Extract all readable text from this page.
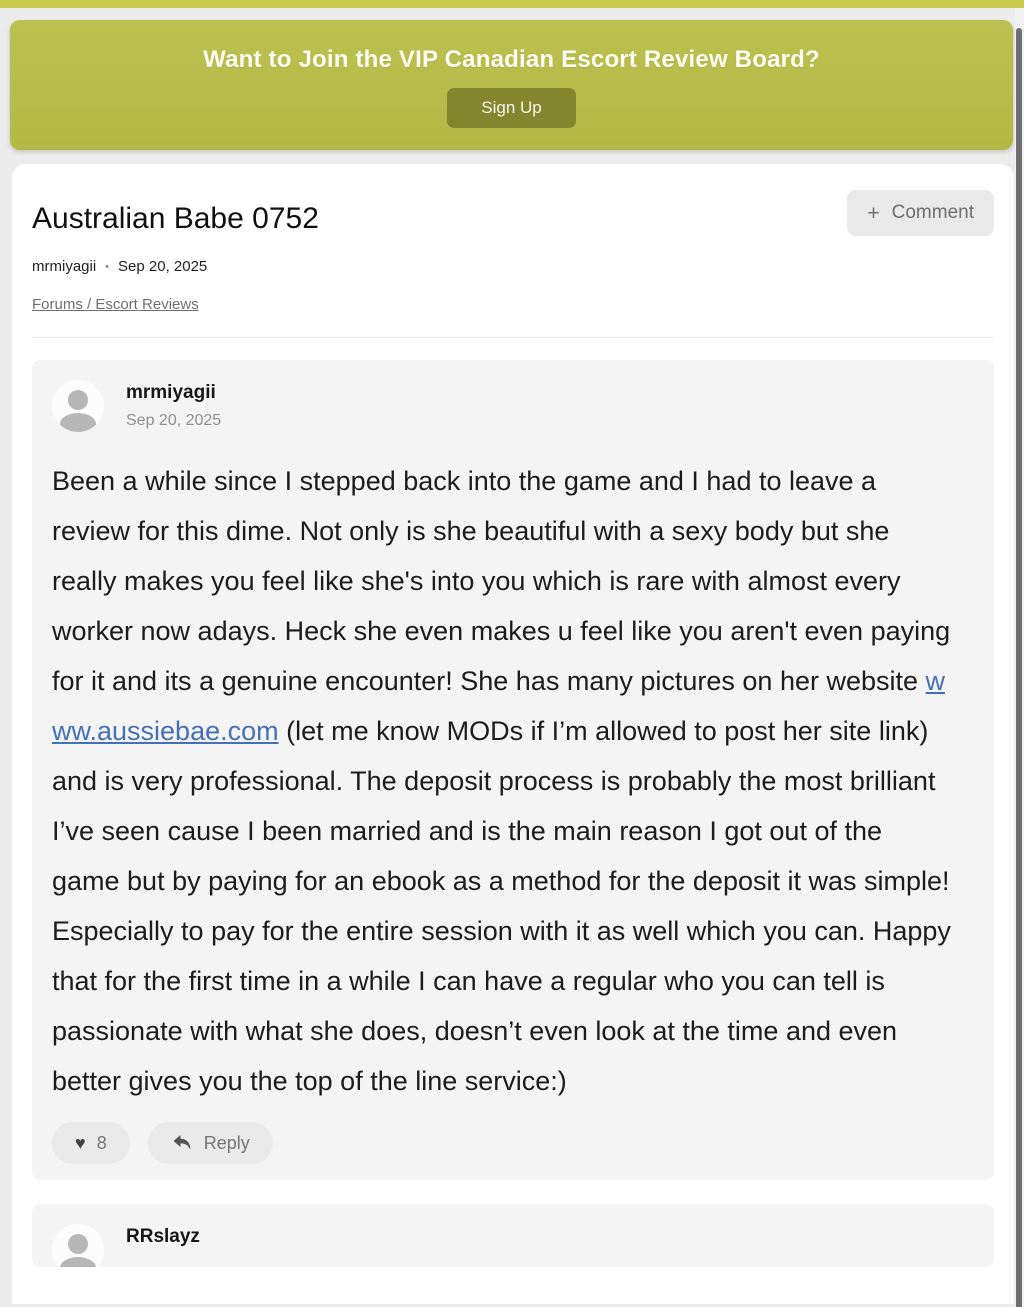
Want to Join the VIP Canadian Escort Review Board?
Sign Up
Australian Babe 0752	+ Comment
mrmiyagii • Sep 20, 2025
Forums / Escort Reviews
mrmiyagii
Sep 20, 2025

Been a while since I stepped back into the game and I had to leave a review for this dime. Not only is she beautiful with a sexy body but she really makes you feel like she's into you which is rare with almost every worker now adays. Heck she even makes u feel like you aren't even paying for it and its a genuine encounter! She has many pictures on her website www.aussiebae.com (let me know MODs if I’m allowed to post her site link) and is very professional. The deposit process is probably the most brilliant I’ve seen cause I been married and is the main reason I got out of the game but by paying for an ebook as a method for the deposit it was simple! Especially to pay for the entire session with it as well which you can. Happy that for the first time in a while I can have a regular who you can tell is passionate with what she does, doesn’t even look at the time and even better gives you the top of the line service:)

♥ 8	Reply
RRslayz
